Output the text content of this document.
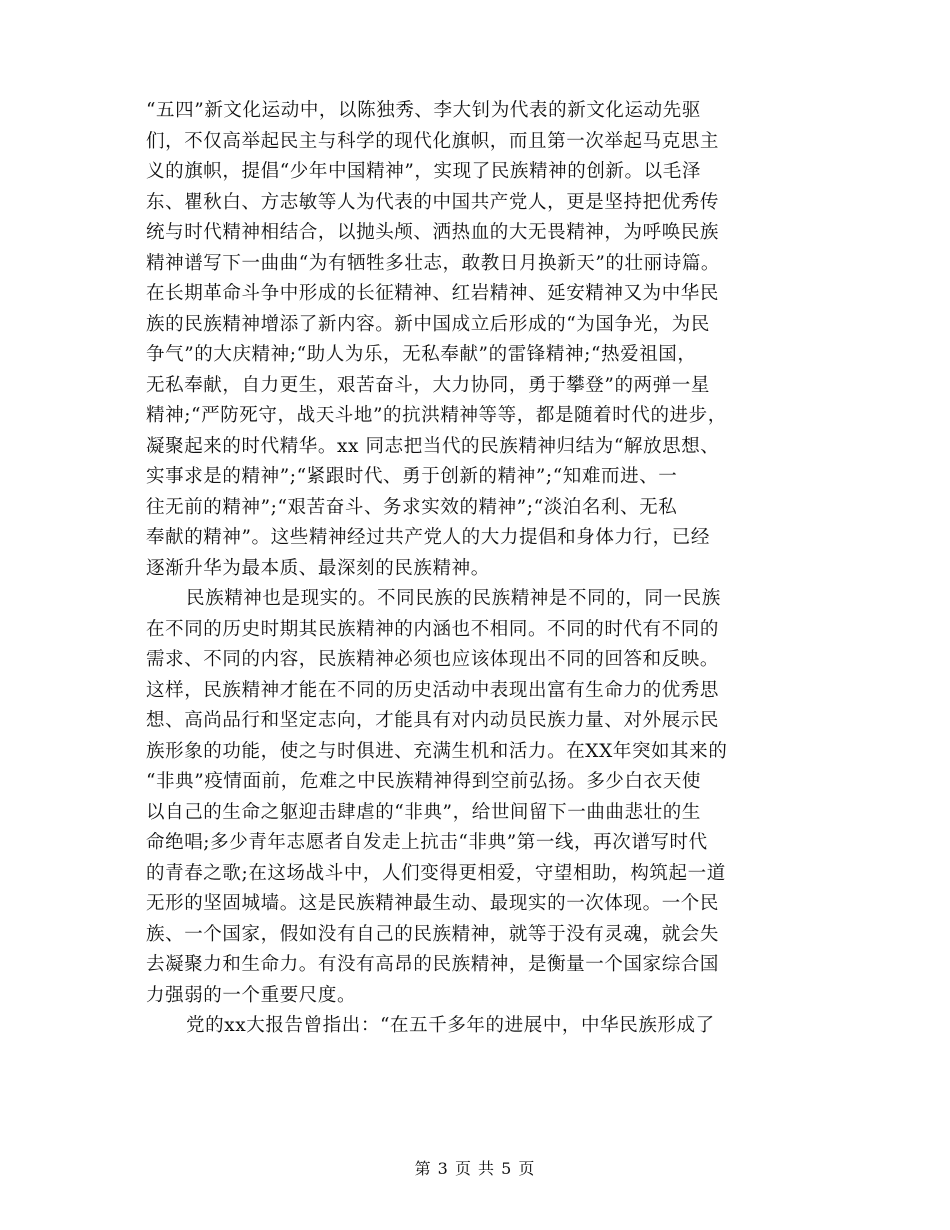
“五四”新文化运动中，以陈独秀、李大钊为代表的新文化运动先驱
们，不仅高举起民主与科学的现代化旗帜，而且第一次举起马克思主
义的旗帜，提倡“少年中国精神”，实现了民族精神的创新。以毛泽
东、瞿秋白、方志敏等人为代表的中国共产党人，更是坚持把优秀传
统与时代精神相结合，以抛头颅、洒热血的大无畏精神，为呼唤民族
精神谱写下一曲曲“为有牺牲多壮志，敢教日月换新天”的壮丽诗篇。
在长期革命斗争中形成的长征精神、红岩精神、延安精神又为中华民
族的民族精神增添了新内容。新中国成立后形成的“为国争光，为民
争气”的大庆精神;“助人为乐，无私奉献”的雷锋精神;“热爱祖国，
无私奉献，自力更生，艰苦奋斗，大力协同，勇于攀登”的两弹一星
精神;“严防死守，战天斗地”的抗洪精神等等，都是随着时代的进步，
凝聚起来的时代精华。xx 同志把当代的民族精神归结为“解放思想、
实事求是的精神”;“紧跟时代、勇于创新的精神”;“知难而进、一
往无前的精神”;“艰苦奋斗、务求实效的精神”;“淡泊名利、无私
奉献的精神”。这些精神经过共产党人的大力提倡和身体力行，已经
逐渐升华为最本质、最深刻的民族精神。
民族精神也是现实的。不同民族的民族精神是不同的，同一民族
在不同的历史时期其民族精神的内涵也不相同。不同的时代有不同的
需求、不同的内容，民族精神必须也应该体现出不同的回答和反映。
这样，民族精神才能在不同的历史活动中表现出富有生命力的优秀思
想、高尚品行和坚定志向，才能具有对内动员民族力量、对外展示民
族形象的功能，使之与时俱进、充满生机和活力。在XX年突如其来的
“非典”疫情面前，危难之中民族精神得到空前弘扬。多少白衣天使
以自己的生命之躯迎击肆虐的“非典”，给世间留下一曲曲悲壮的生
命绝唱;多少青年志愿者自发走上抗击“非典”第一线，再次谱写时代
的青春之歌;在这场战斗中，人们变得更相爱，守望相助，构筑起一道
无形的坚固城墙。这是民族精神最生动、最现实的一次体现。一个民
族、一个国家，假如没有自己的民族精神，就等于没有灵魂，就会失
去凝聚力和生命力。有没有高昂的民族精神，是衡量一个国家综合国
力强弱的一个重要尺度。
党的xx大报告曾指出：“在五千多年的进展中，中华民族形成了
第 3 页 共 5 页
